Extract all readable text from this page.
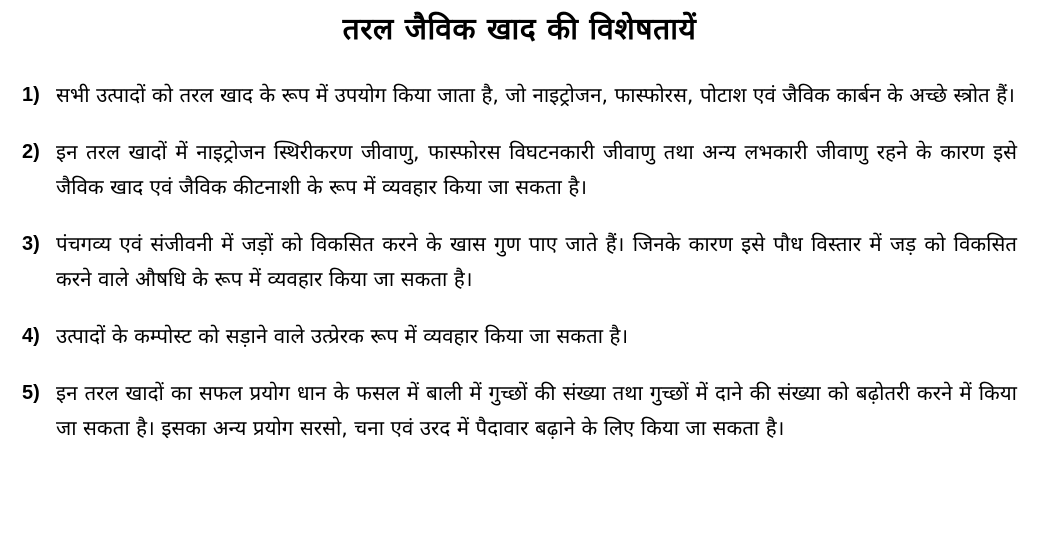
तरल जैविक खाद की विशेषतायें
1) सभी उत्पादों को तरल खाद के रूप में उपयोग किया जाता है, जो नाइट्रोजन, फास्फोरस, पोटाश एवं जैविक कार्बन के अच्छे स्त्रोत हैं।
2) इन तरल खादों में नाइट्रोजन स्थिरीकरण जीवाणु, फास्फोरस विघटनकारी जीवाणु तथा अन्य लभकारी जीवाणु रहने के कारण इसे जैविक खाद एवं जैविक कीटनाशी के रूप में व्यवहार किया जा सकता है।
3) पंचगव्य एवं संजीवनी में जड़ों को विकसित करने के खास गुण पाए जाते हैं। जिनके कारण इसे पौध विस्तार में जड़ को विकसित करने वाले औषधि के रूप में व्यवहार किया जा सकता है।
4) उत्पादों के कम्पोस्ट को सड़ाने वाले उत्प्रेरक रूप में व्यवहार किया जा सकता है।
5) इन तरल खादों का सफल प्रयोग धान के फसल में बाली में गुच्छों की संख्या तथा गुच्छों में दाने की संख्या को बढ़ोतरी करने में किया जा सकता है। इसका अन्य प्रयोग सरसो, चना एवं उरद में पैदावार बढ़ाने के लिए किया जा सकता है।
